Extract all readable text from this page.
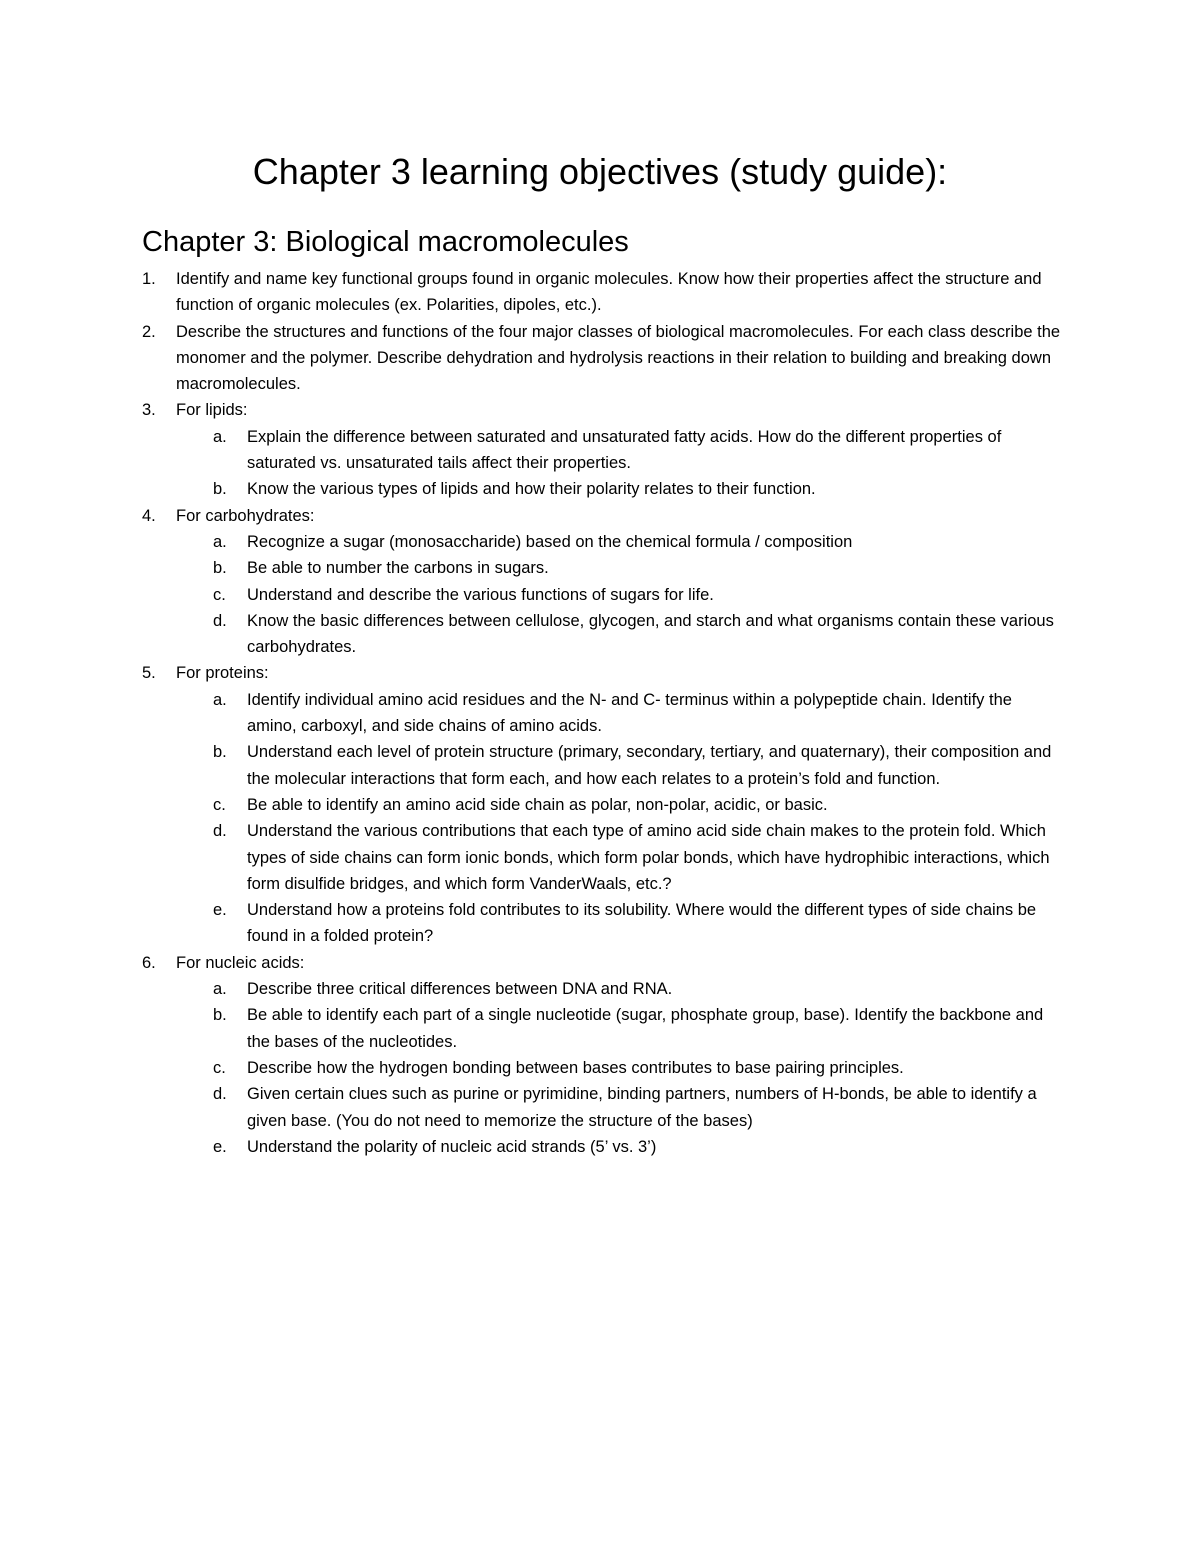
Chapter 3 learning objectives (study guide):
Chapter 3: Biological macromolecules
1.	Identify and name key functional groups found in organic molecules. Know how their properties affect the structure and function of organic molecules (ex. Polarities, dipoles, etc.).
2.	Describe the structures and functions of the four major classes of biological macromolecules. For each class describe the monomer and the polymer. Describe dehydration and hydrolysis reactions in their relation to building and breaking down macromolecules.
3.	For lipids:
a.	Explain the difference between saturated and unsaturated fatty acids. How do the different properties of saturated vs. unsaturated tails affect their properties.
b.	Know the various types of lipids and how their polarity relates to their function.
4.	For carbohydrates:
a.	Recognize a sugar (monosaccharide) based on the chemical formula / composition
b.	Be able to number the carbons in sugars.
c.	Understand and describe the various functions of sugars for life.
d.	Know the basic differences between cellulose, glycogen, and starch and what organisms contain these various carbohydrates.
5.	For proteins:
a.	Identify individual amino acid residues and the N- and C- terminus within a polypeptide chain. Identify the amino, carboxyl, and side chains of amino acids.
b.	Understand each level of protein structure (primary, secondary, tertiary, and quaternary), their composition and the molecular interactions that form each, and how each relates to a protein’s fold and function.
c.	Be able to identify an amino acid side chain as polar, non-polar, acidic, or basic.
d.	Understand the various contributions that each type of amino acid side chain makes to the protein fold. Which types of side chains can form ionic bonds, which form polar bonds, which have hydrophibic interactions, which form disulfide bridges, and which form VanderWaals, etc.?
e.	Understand how a proteins fold contributes to its solubility. Where would the different types of side chains be found in a folded protein?
6.	For nucleic acids:
a.	Describe three critical differences between DNA and RNA.
b.	Be able to identify each part of a single nucleotide (sugar, phosphate group, base). Identify the backbone and the bases of the nucleotides.
c.	Describe how the hydrogen bonding between bases contributes to base pairing principles.
d.	Given certain clues such as purine or pyrimidine, binding partners, numbers of H-bonds, be able to identify a given base. (You do not need to memorize the structure of the bases)
e.	Understand the polarity of nucleic acid strands (5’ vs. 3’)
